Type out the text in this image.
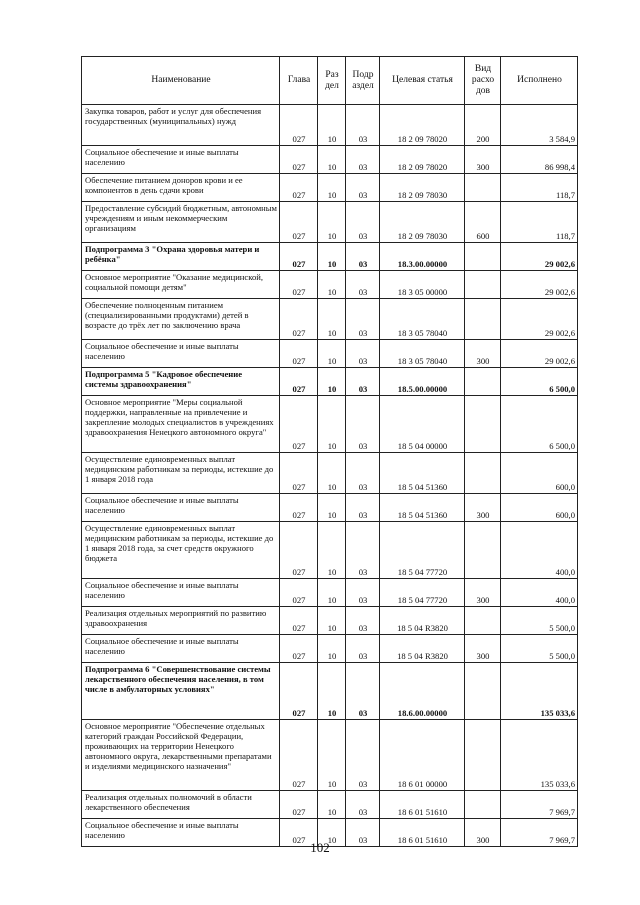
Наименование	Глава	Раз дел	Подр аздел	Целевая статья	Вид расхо дов	Исполнено
Закупка товаров, работ и услуг для обеспечения государственных (муниципальных) нужд	027	10	03	18 2 09 78020	200	3 584,9
Социальное обеспечение и иные выплаты населению	027	10	03	18 2 09 78020	300	86 998,4
Обеспечение питанием доноров крови и ее компонентов в день сдачи крови	027	10	03	18 2 09 78030		118,7
Предоставление субсидий бюджетным, автономным учреждениям и иным некоммерческим организациям	027	10	03	18 2 09 78030	600	118,7
Подпрограмма 3 "Охрана здоровья матери и ребёнка"	027	10	03	18.3.00.00000		29 002,6
Основное мероприятие "Оказание медицинской, социальной помощи детям"	027	10	03	18 3 05 00000		29 002,6
Обеспечение полноценным питанием (специализированными продуктами) детей в возрасте до трёх лет по заключению врача	027	10	03	18 3 05 78040		29 002,6
Социальное обеспечение и иные выплаты населению	027	10	03	18 3 05 78040	300	29 002,6
Подпрограмма 5 "Кадровое обеспечение системы здравоохранения"	027	10	03	18.5.00.00000		6 500,0
Основное мероприятие "Меры социальной поддержки, направленные на привлечение и закрепление молодых специалистов в учреждениях здравоохранения Ненецкого автономного округа"	027	10	03	18 5 04 00000		6 500,0
Осуществление единовременных выплат медицинским работникам за периоды, истекшие до 1 января 2018 года	027	10	03	18 5 04 51360		600,0
Социальное обеспечение и иные выплаты населению	027	10	03	18 5 04 51360	300	600,0
Осуществление единовременных выплат медицинским работникам за периоды, истекшие до 1 января 2018 года, за счет средств окружного бюджета	027	10	03	18 5 04 77720		400,0
Социальное обеспечение и иные выплаты населению	027	10	03	18 5 04 77720	300	400,0
Реализация отдельных мероприятий по развитию здравоохранения	027	10	03	18 5 04 R3820		5 500,0
Социальное обеспечение и иные выплаты населению	027	10	03	18 5 04 R3820	300	5 500,0
Подпрограмма 6 "Совершенствование системы лекарственного обеспечения населения, в том числе в амбулаторных условиях"	027	10	03	18.6.00.00000		135 033,6
Основное мероприятие "Обеспечение отдельных категорий граждан Российской Федерации, проживающих на территории Ненецкого автономного округа, лекарственными препаратами и изделиями медицинского назначения"	027	10	03	18 6 01 00000		135 033,6
Реализация отдельных полномочий в области лекарственного обеспечения	027	10	03	18 6 01 51610		7 969,7
Социальное обеспечение и иные выплаты населению	027	10	03	18 6 01 51610	300	7 969,7
102
